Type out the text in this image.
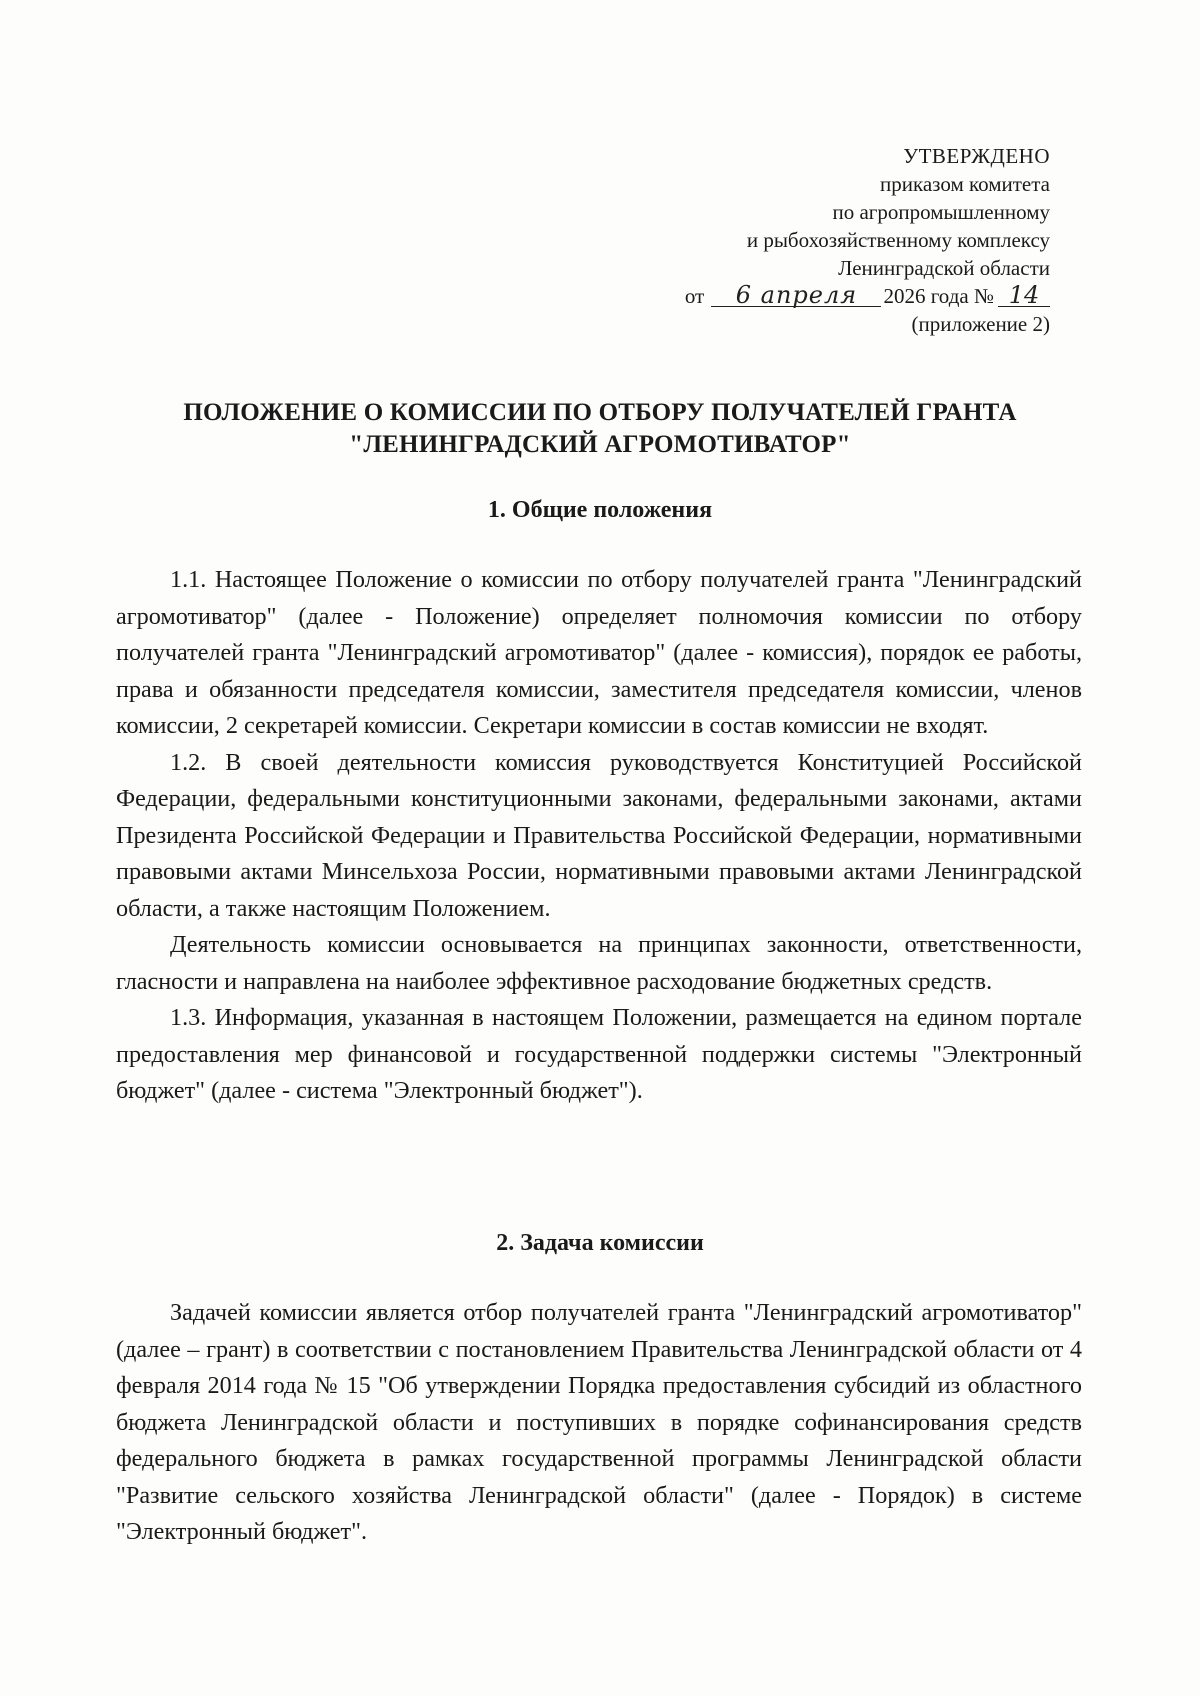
УТВЕРЖДЕНО
приказом комитета
по агропромышленному
и рыбохозяйственному комплексу
Ленинградской области
от 6 апреля 2026 года № 14
(приложение 2)
ПОЛОЖЕНИЕ О КОМИССИИ ПО ОТБОРУ ПОЛУЧАТЕЛЕЙ ГРАНТА
"ЛЕНИНГРАДСКИЙ АГРОМОТИВАТОР"
1. Общие положения

1.1. Настоящее Положение о комиссии по отбору получателей гранта "Ленинградский агромотиватор" (далее - Положение) определяет полномочия комиссии по отбору получателей гранта "Ленинградский агромотиватор" (далее - комиссия), порядок ее работы, права и обязанности председателя комиссии, заместителя председателя комиссии, членов комиссии, 2 секретарей комиссии. Секретари комиссии в состав комиссии не входят.

1.2. В своей деятельности комиссия руководствуется Конституцией Российской Федерации, федеральными конституционными законами, федеральными законами, актами Президента Российской Федерации и Правительства Российской Федерации, нормативными правовыми актами Минсельхоза России, нормативными правовыми актами Ленинградской области, а также настоящим Положением.

Деятельность комиссии основывается на принципах законности, ответственности, гласности и направлена на наиболее эффективное расходование бюджетных средств.

1.3. Информация, указанная в настоящем Положении, размещается на едином портале предоставления мер финансовой и государственной поддержки системы "Электронный бюджет" (далее - система "Электронный бюджет").

2. Задача комиссии

Задачей комиссии является отбор получателей гранта "Ленинградский агромотиватор" (далее – грант) в соответствии с постановлением Правительства Ленинградской области от 4 февраля 2014 года № 15 "Об утверждении Порядка предоставления субсидий из областного бюджета Ленинградской области и поступивших в порядке софинансирования средств федерального бюджета в рамках государственной программы Ленинградской области "Развитие сельского хозяйства Ленинградской области" (далее - Порядок) в системе "Электронный бюджет".
